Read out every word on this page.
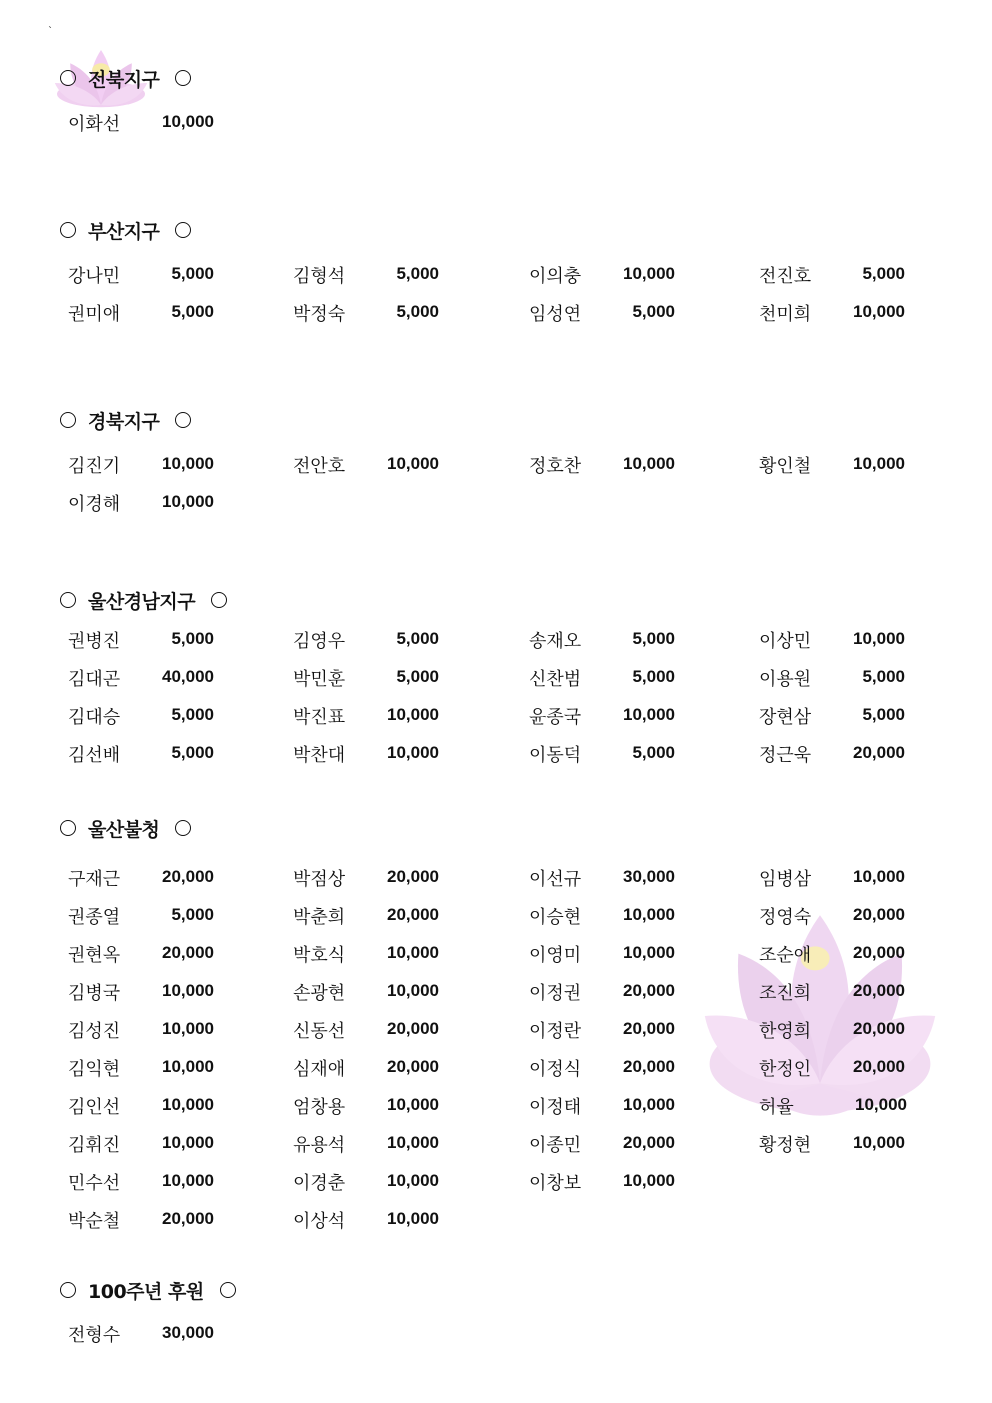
`
전북지구
이화선	10,000
부산지구
강나민	5,000	김형석	5,000	이의충	10,000	전진호	5,000
권미애	5,000	박정숙	5,000	임성연	5,000	천미희	10,000
경북지구
김진기	10,000	전안호	10,000	정호찬	10,000	황인철	10,000
이경해	10,000
울산경남지구
권병진	5,000	김영우	5,000	송재오	5,000	이상민	10,000
김대곤	40,000	박민훈	5,000	신찬범	5,000	이용원	5,000
김대승	5,000	박진표	10,000	윤종국	10,000	장현삼	5,000
김선배	5,000	박찬대	10,000	이동덕	5,000	정근욱	20,000
울산불청
구재근	20,000	박점상	20,000	이선규	30,000	임병삼	10,000
권종열	5,000	박춘희	20,000	이승현	10,000	정영숙	20,000
권현옥	20,000	박호식	10,000	이영미	10,000	조순애	20,000
김병국	10,000	손광현	10,000	이정권	20,000	조진희	20,000
김성진	10,000	신동선	20,000	이정란	20,000	한영희	20,000
김익현	10,000	심재애	20,000	이정식	20,000	한정인	20,000
김인선	10,000	엄창용	10,000	이정태	10,000	허율	10,000
김휘진	10,000	유용석	10,000	이종민	20,000	황정현	10,000
민수선	10,000	이경춘	10,000	이창보	10,000
박순철	20,000	이상석	10,000
100주년 후원
전형수	30,000
